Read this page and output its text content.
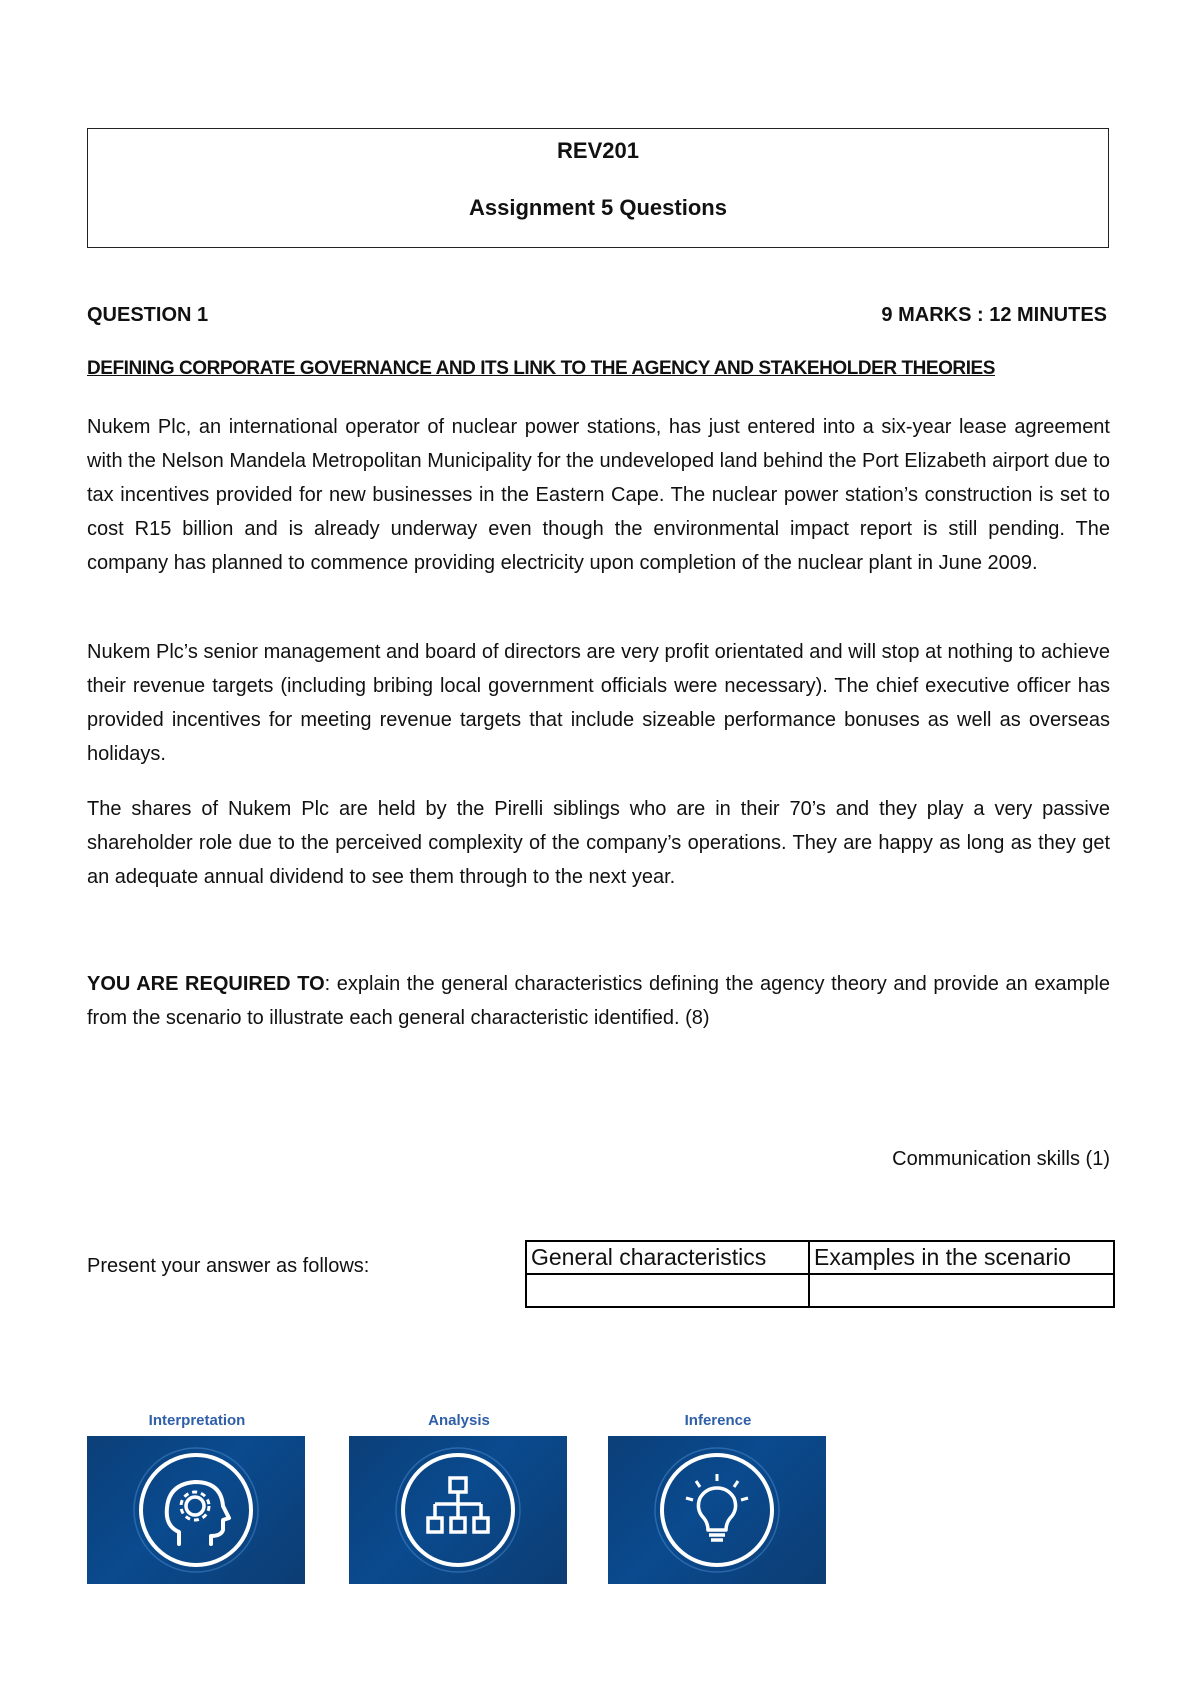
REV201
Assignment 5 Questions
QUESTION 1	9 MARKS : 12 MINUTES
DEFINING CORPORATE GOVERNANCE AND ITS LINK TO THE AGENCY AND STAKEHOLDER THEORIES
Nukem Plc, an international operator of nuclear power stations, has just entered into a six-year lease agreement with the Nelson Mandela Metropolitan Municipality for the undeveloped land behind the Port Elizabeth airport due to tax incentives provided for new businesses in the Eastern Cape. The nuclear power station’s construction is set to cost R15 billion and is already underway even though the environmental impact report is still pending. The company has planned to commence providing electricity upon completion of the nuclear plant in June 2009.
Nukem Plc’s senior management and board of directors are very profit orientated and will stop at nothing to achieve their revenue targets (including bribing local government officials were necessary). The chief executive officer has provided incentives for meeting revenue targets that include sizeable performance bonuses as well as overseas holidays.
The shares of Nukem Plc are held by the Pirelli siblings who are in their 70’s and they play a very passive shareholder role due to the perceived complexity of the company’s operations. They are happy as long as they get an adequate annual dividend to see them through to the next year.
YOU ARE REQUIRED TO: explain the general characteristics defining the agency theory and provide an example from the scenario to illustrate each general characteristic identified. (8)
Communication skills (1)
Present your answer as follows:	General characteristics	Examples in the scenario

Interpretation	Analysis	Inference
